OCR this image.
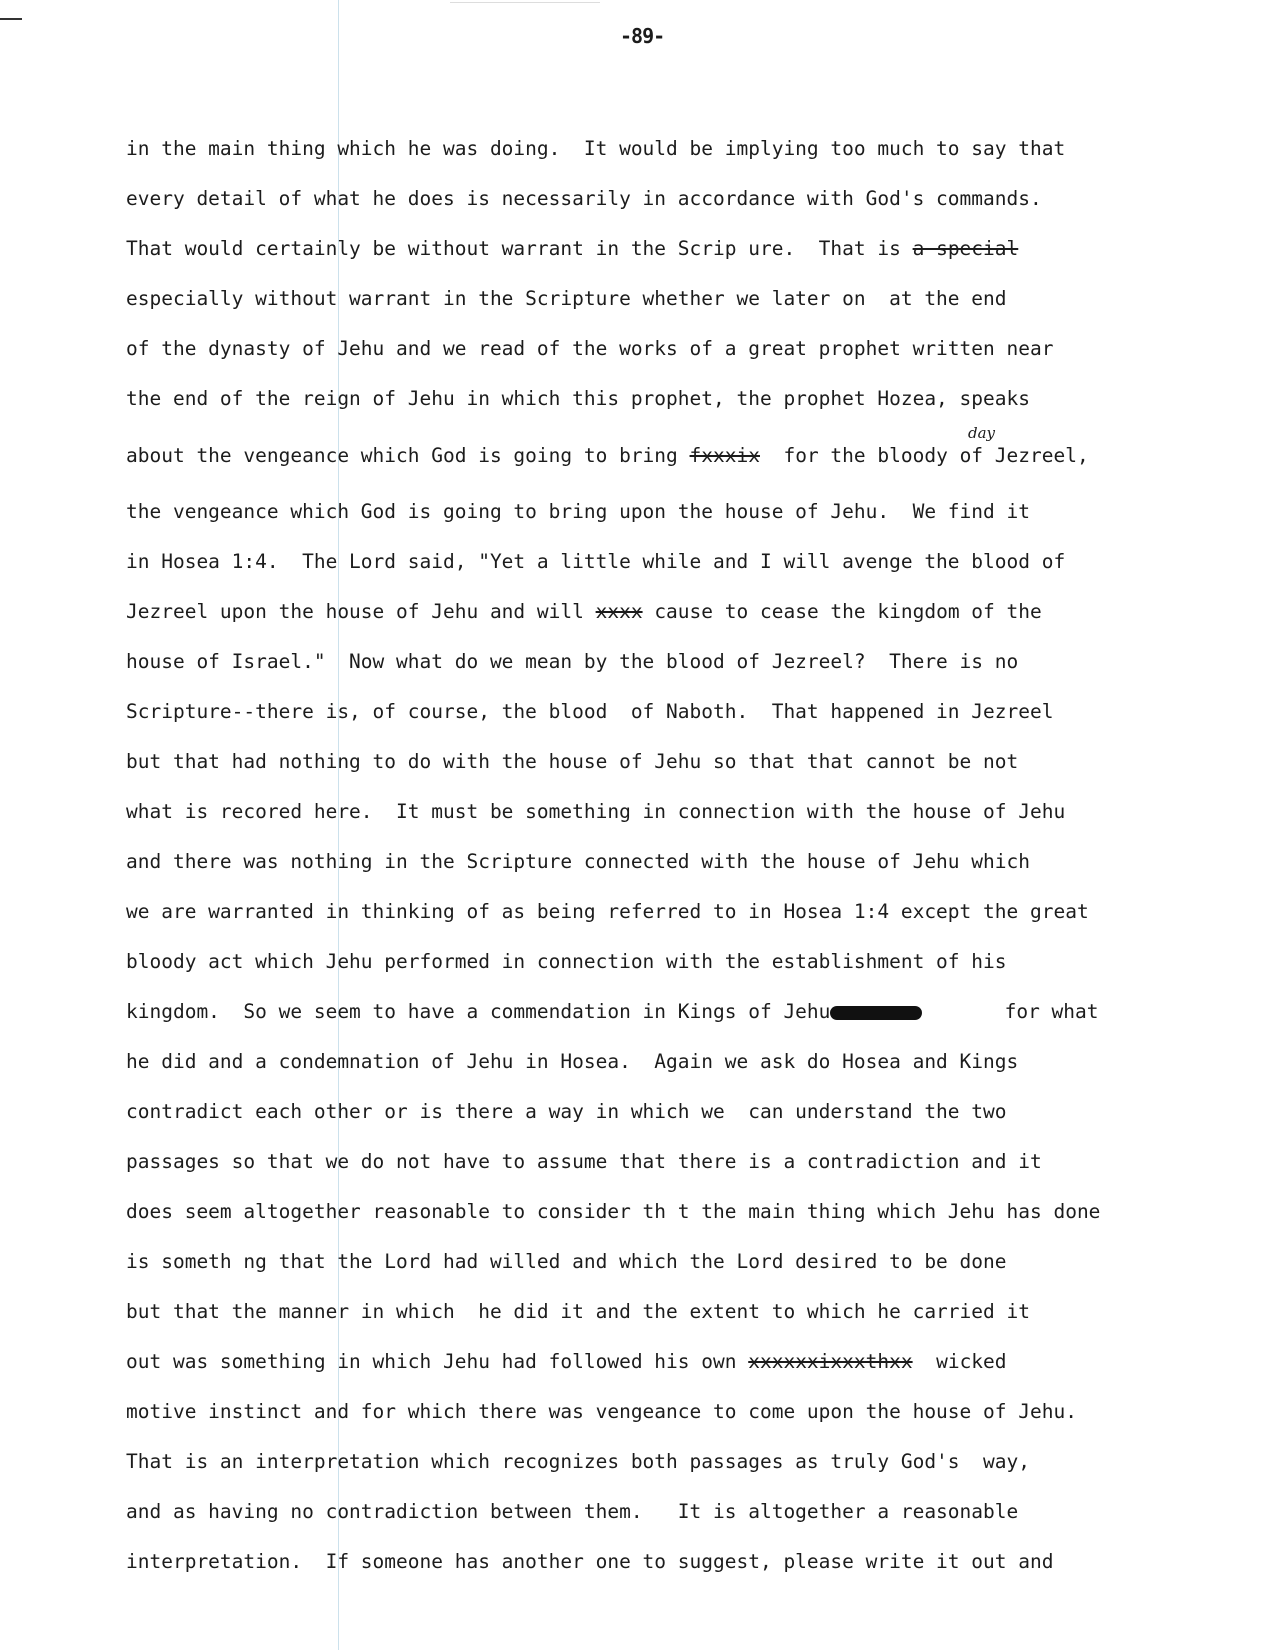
-89-
in the main thing which he was doing.  It would be implying too much to say that
every detail of what he does is necessarily in accordance with God's commands.
That would certainly be without warrant in the Scrip ure.  That is a special
especially without warrant in the Scripture whether we later on  at the end
of the dynasty of Jehu and we read of the works of a great prophet written near
the end of the reign of Jehu in which this prophet, the prophet Hozea, speaks
about the vengeance which God is going to bring fxxxix  for the bloody of Jezreel,
day
the vengeance which God is going to bring upon the house of Jehu.  We find it
in Hosea 1:4.  The Lord said, "Yet a little while and I will avenge the blood of
Jezreel upon the house of Jehu and will xxxx cause to cease the kingdom of the
house of Israel."  Now what do we mean by the blood of Jezreel?  There is no
Scripture--there is, of course, the blood  of Naboth.  That happened in Jezreel
but that had nothing to do with the house of Jehu so that that cannot be not
what is recored here.  It must be something in connection with the house of Jehu
and there was nothing in the Scripture connected with the house of Jehu which
we are warranted in thinking of as being referred to in Hosea 1:4 except the great
bloody act which Jehu performed in connection with the establishment of his
kingdom.  So we seem to have a commendation in Kings of Jehu	for what
he did and a condemnation of Jehu in Hosea.  Again we ask do Hosea and Kings
contradict each other or is there a way in which we  can understand the two
passages so that we do not have to assume that there is a contradiction and it
does seem altogether reasonable to consider th t the main thing which Jehu has done
is someth ng that the Lord had willed and which the Lord desired to be done
but that the manner in which  he did it and the extent to which he carried it
out was something in which Jehu had followed his own xxxxxxixxxthxx  wicked
motive instinct and for which there was vengeance to come upon the house of Jehu.
That is an interpretation which recognizes both passages as truly God's  way,
and as having no contradiction between them.   It is altogether a reasonable
interpretation.  If someone has another one to suggest, please write it out and
